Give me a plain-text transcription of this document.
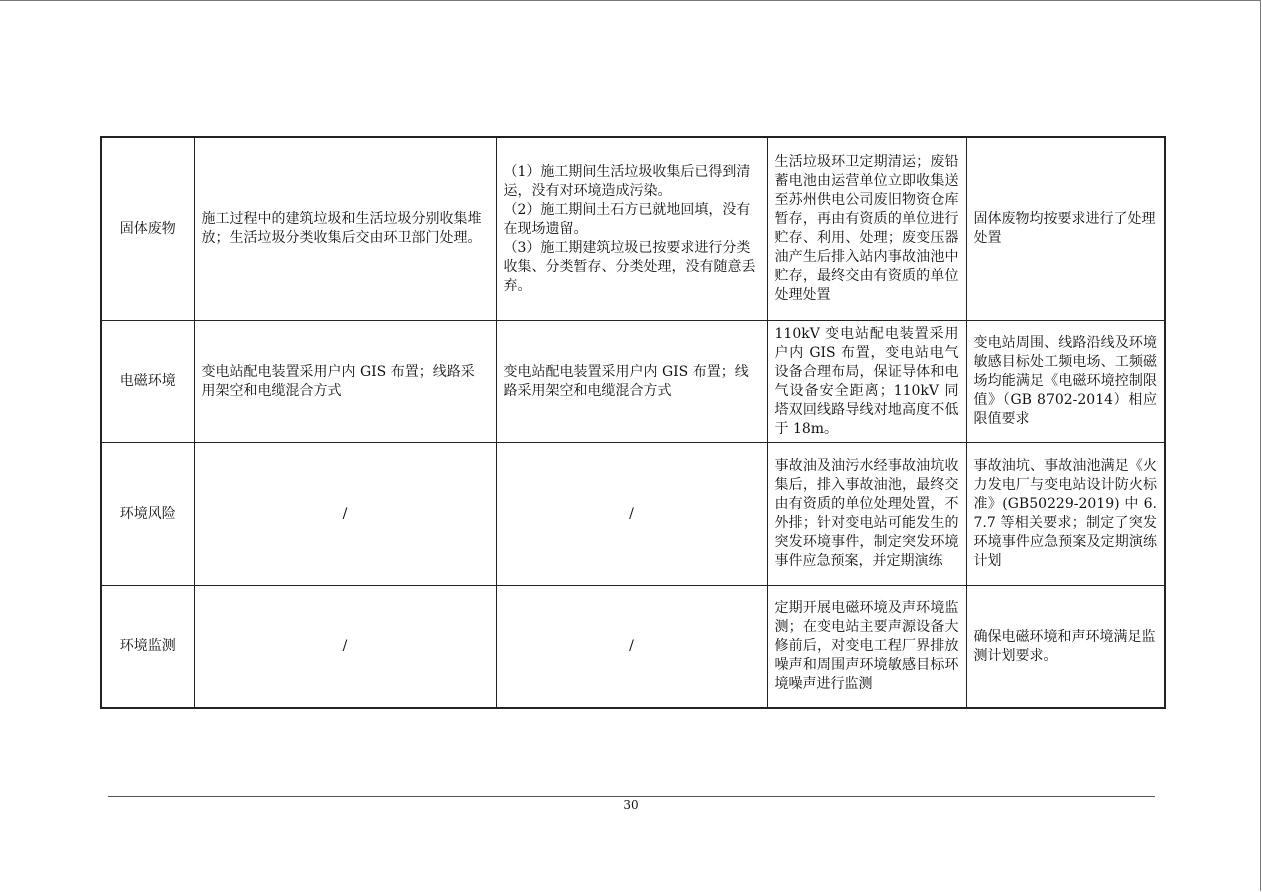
固体废物	施工过程中的建筑垃圾和生活垃圾分别收集堆放；生活垃圾分类收集后交由环卫部门处理。	（1）施工期间生活垃圾收集后已得到清运，没有对环境造成污染。
（2）施工期间土石方已就地回填，没有在现场遗留。
（3）施工期建筑垃圾已按要求进行分类收集、分类暂存、分类处理，没有随意丢弃。	生活垃圾环卫定期清运；废铅蓄电池由运营单位立即收集送至苏州供电公司废旧物资仓库暂存，再由有资质的单位进行贮存、利用、处理；废变压器油产生后排入站内事故油池中贮存，最终交由有资质的单位处理处置	固体废物均按要求进行了处理处置
电磁环境	变电站配电装置采用户内 GIS 布置；线路采用架空和电缆混合方式	变电站配电装置采用户内 GIS 布置；线路采用架空和电缆混合方式	110kV 变电站配电装置采用户内 GIS 布置，变电站电气设备合理布局，保证导体和电气设备安全距离；110kV 同塔双回线路导线对地高度不低于 18m。	变电站周围、线路沿线及环境敏感目标处工频电场、工频磁场均能满足《电磁环境控制限值》（GB 8702-2014）相应限值要求
环境风险	/	/	事故油及油污水经事故油坑收集后，排入事故油池，最终交由有资质的单位处理处置，不外排；针对变电站可能发生的突发环境事件，制定突发环境事件应急预案，并定期演练	事故油坑、事故油池满足《火力发电厂与变电站设计防火标准》(GB50229-2019) 中 6.7.7 等相关要求；制定了突发环境事件应急预案及定期演练计划
环境监测	/	/	定期开展电磁环境及声环境监测；在变电站主要声源设备大修前后，对变电工程厂界排放噪声和周围声环境敏感目标环境噪声进行监测	确保电磁环境和声环境满足监测计划要求。
30
